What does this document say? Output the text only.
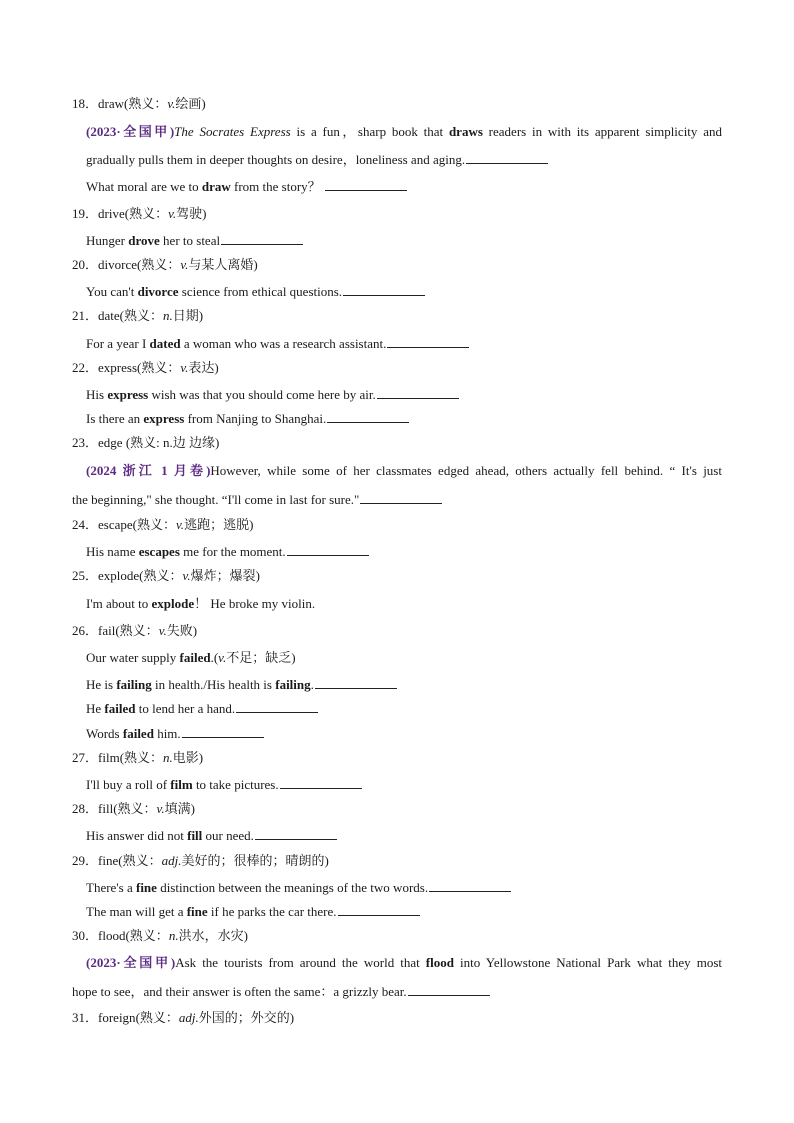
18．draw(熟义：v.绘画)
(2023·全国甲)The Socrates Express is a fun，sharp book that draws readers in with its apparent simplicity and
gradually pulls them in deeper thoughts on desire，loneliness and aging.
What moral are we to draw from the story？
19．drive(熟义：v.驾驶)
Hunger drove her to steal
20．divorce(熟义：v.与某人离婚)
You can't divorce science from ethical questions.
21．date(熟义：n.日期)
For a year I dated a woman who was a research assistant.
22．express(熟义：v.表达)
His express wish was that you should come here by air.
Is there an express from Nanjing to Shanghai.
23．edge (熟义: n.边 边缘)
(2024 浙江 1 月卷)However, while some of her classmates edged ahead, others actually fell behind. “ It's just
the beginning," she thought. “I'll come in last for sure."
24．escape(熟义：v.逃跑；逃脱)
His name escapes me for the moment.
25．explode(熟义：v.爆炸；爆裂)
I'm about to explode！ He broke my violin.
26．fail(熟义：v.失败)
Our water supply failed.(v.不足；缺乏)
He is failing in health./His health is failing.
He failed to lend her a hand.
Words failed him.
27．film(熟义：n.电影)
I'll buy a roll of film to take pictures.
28．fill(熟义：v.填满)
His answer did not fill our need.
29．fine(熟义：adj.美好的；很棒的；晴朗的)
There's a fine distinction between the meanings of the two words.
The man will get a fine if he parks the car there.
30．flood(熟义：n.洪水，水灾)
(2023·全国甲)Ask the tourists from around the world that flood into Yellowstone National Park what they most
hope to see，and their answer is often the same：a grizzly bear.
31．foreign(熟义：adj.外国的；外交的)
